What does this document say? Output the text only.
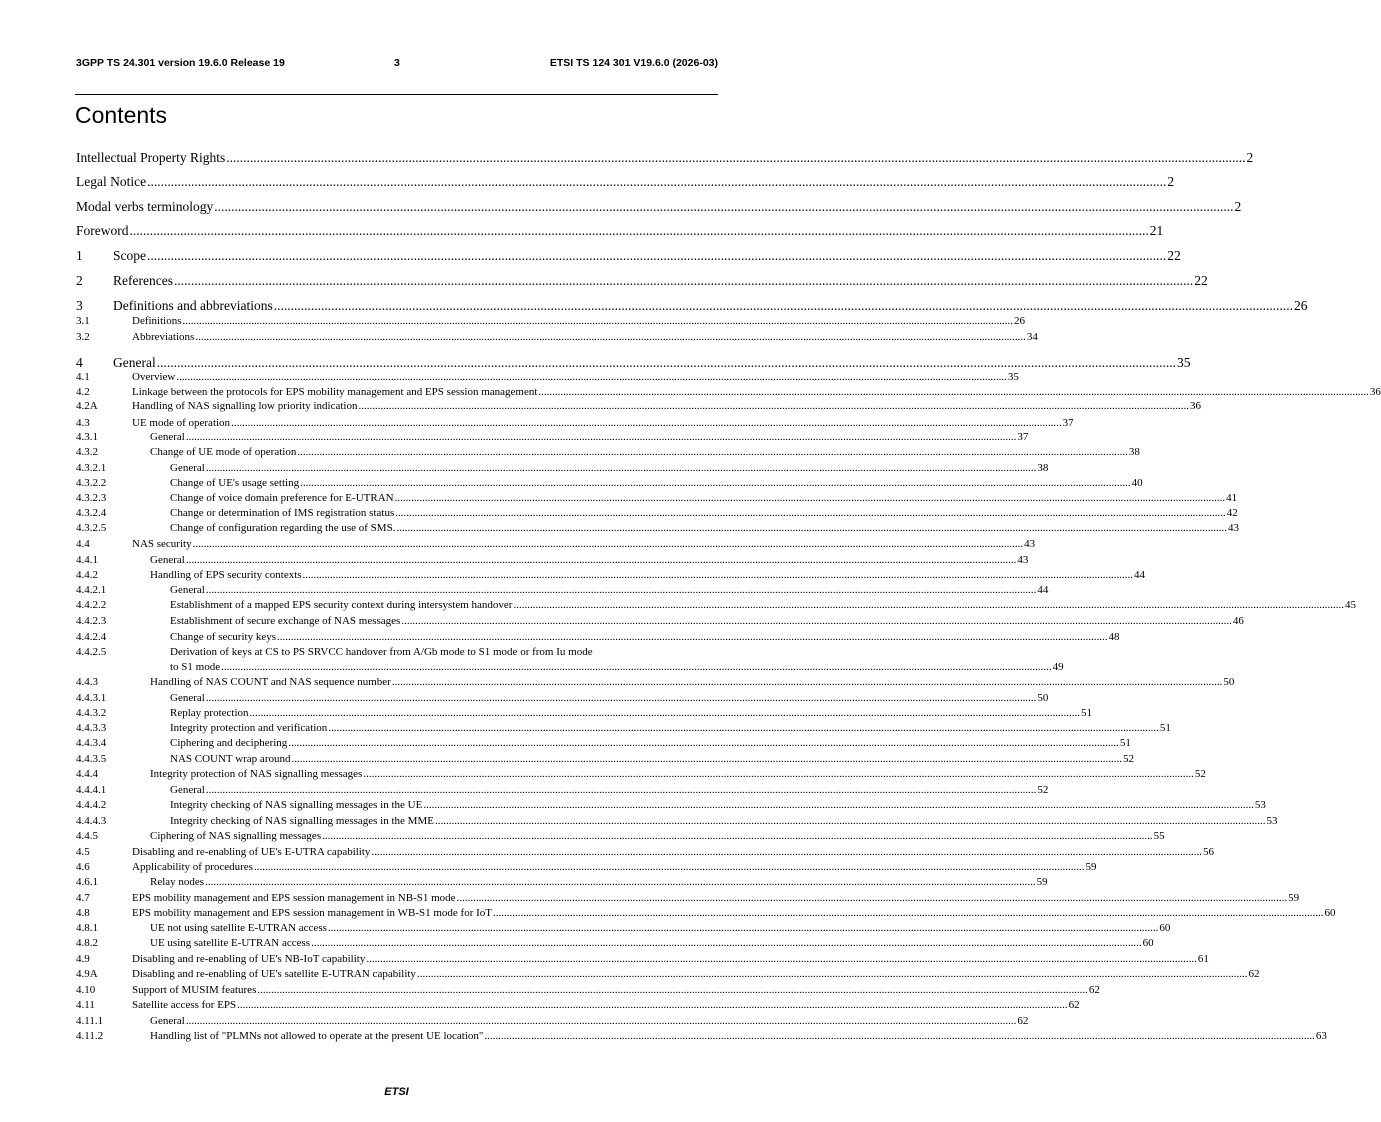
3GPP TS 24.301 version 19.6.0 Release 19	3	ETSI TS 124 301 V19.6.0 (2026-03)
Contents
Intellectual Property Rights .....	2
Legal Notice .....	2
Modal verbs terminology .....	2
Foreword .....	21
1 Scope .....	22
2 References .....	22
3 Definitions and abbreviations .....	26
3.1	Definitions .....	26
3.2	Abbreviations .....	34
4 General .....	35
4.1	Overview .....	35
4.2	Linkage between the protocols for EPS mobility management and EPS session management .....	36
4.2A	Handling of NAS signalling low priority indication .....	36
4.3	UE mode of operation .....	37
4.3.1	General .....	37
4.3.2	Change of UE mode of operation .....	38
4.3.2.1	General .....	38
4.3.2.2	Change of UE's usage setting .....	40
4.3.2.3	Change of voice domain preference for E-UTRAN .....	41
4.3.2.4	Change or determination of IMS registration status .....	42
4.3.2.5	Change of configuration regarding the use of SMS. .....	43
4.4	NAS security .....	43
4.4.1	General .....	43
4.4.2	Handling of EPS security contexts .....	44
4.4.2.1	General .....	44
4.4.2.2	Establishment of a mapped EPS security context during intersystem handover .....	45
4.4.2.3	Establishment of secure exchange of NAS messages .....	46
4.4.2.4	Change of security keys .....	48
4.4.2.5	Derivation of keys at CS to PS SRVCC handover from A/Gb mode to S1 mode or from Iu mode
to S1 mode .....	49
4.4.3	Handling of NAS COUNT and NAS sequence number .....	50
4.4.3.1	General .....	50
4.4.3.2	Replay protection .....	51
4.4.3.3	Integrity protection and verification .....	51
4.4.3.4	Ciphering and deciphering .....	51
4.4.3.5	NAS COUNT wrap around .....	52
4.4.4	Integrity protection of NAS signalling messages .....	52
4.4.4.1	General .....	52
4.4.4.2	Integrity checking of NAS signalling messages in the UE .....	53
4.4.4.3	Integrity checking of NAS signalling messages in the MME .....	53
4.4.5	Ciphering of NAS signalling messages .....	55
4.5	Disabling and re-enabling of UE's E-UTRA capability .....	56
4.6	Applicability of procedures .....	59
4.6.1	Relay nodes .....	59
4.7	EPS mobility management and EPS session management in NB-S1 mode .....	59
4.8	EPS mobility management and EPS session management in WB-S1 mode for IoT .....	60
4.8.1	UE not using satellite E-UTRAN access .....	60
4.8.2	UE using satellite E-UTRAN access .....	60
4.9	Disabling and re-enabling of UE's NB-IoT capability .....	61
4.9A	Disabling and re-enabling of UE's satellite E-UTRAN capability .....	62
4.10	Support of MUSIM features .....	62
4.11	Satellite access for EPS .....	62
4.11.1	General .....	62
4.11.2	Handling list of "PLMNs not allowed to operate at the present UE location" .....	63
ETSI
